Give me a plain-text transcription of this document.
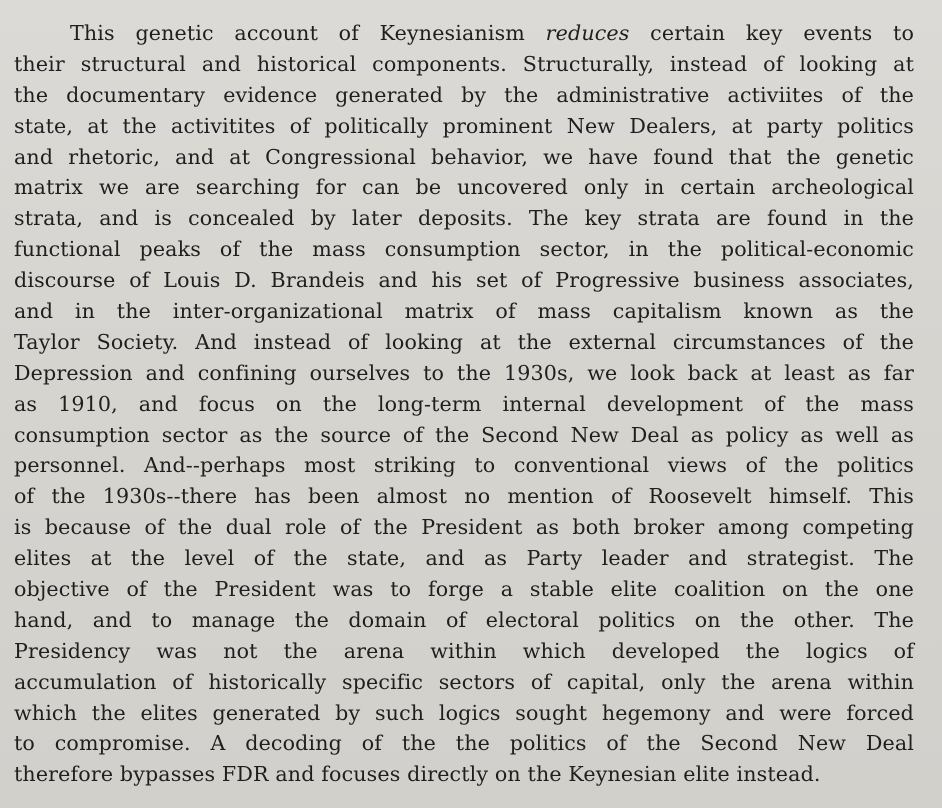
This genetic account of Keynesianism reduces certain key events to
their structural and historical components. Structurally, instead of looking at
the documentary evidence generated by the administrative activiites of the
state, at the activitites of politically prominent New Dealers, at party politics
and rhetoric, and at Congressional behavior, we have found that the genetic
matrix we are searching for can be uncovered only in certain archeological
strata, and is concealed by later deposits. The key strata are found in the
functional peaks of the mass consumption sector, in the political-economic
discourse of Louis D. Brandeis and his set of Progressive business associates,
and in the inter-organizational matrix of mass capitalism known as the
Taylor Society. And instead of looking at the external circumstances of the
Depression and confining ourselves to the 1930s, we look back at least as far
as 1910, and focus on the long-term internal development of the mass
consumption sector as the source of the Second New Deal as policy as well as
personnel. And--perhaps most striking to conventional views of the politics
of the 1930s--there has been almost no mention of Roosevelt himself. This
is because of the dual role of the President as both broker among competing
elites at the level of the state, and as Party leader and strategist. The
objective of the President was to forge a stable elite coalition on the one
hand, and to manage the domain of electoral politics on the other. The
Presidency was not the arena within which developed the logics of
accumulation of historically specific sectors of capital, only the arena within
which the elites generated by such logics sought hegemony and were forced
to compromise. A decoding of the the politics of the Second New Deal
therefore bypasses FDR and focuses directly on the Keynesian elite instead.
